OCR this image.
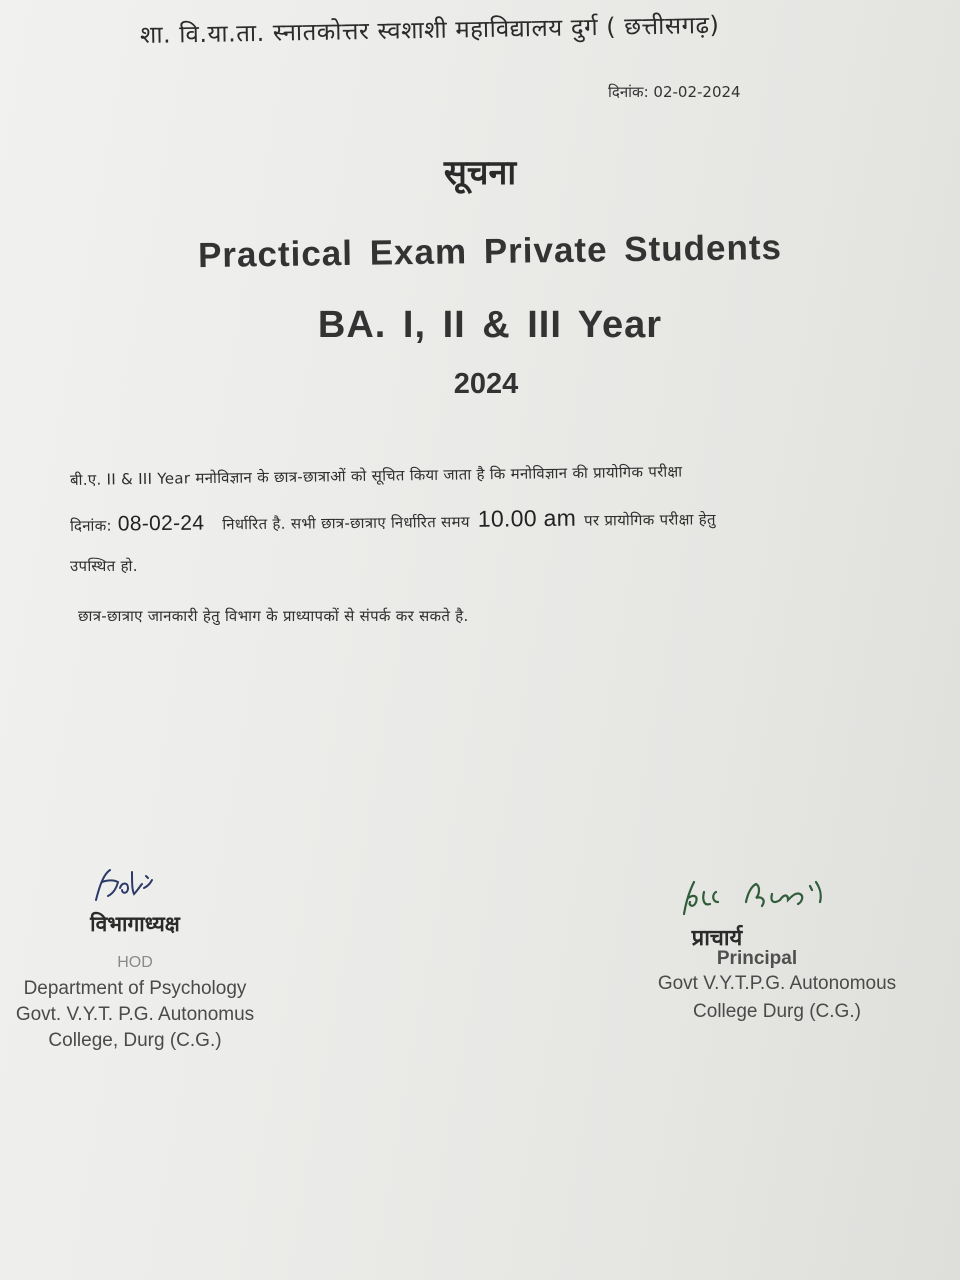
शा. वि.या.ता. स्नातकोत्तर स्वशाशी महाविद्यालय दुर्ग ( छत्तीसगढ़)
दिनांक: 02-02-2024
सूचना
Practical Exam Private Students
BA. I, II & III Year
2024
बी.ए. II & III Year मनोविज्ञान के छात्र-छात्राओं को सूचित किया जाता है कि मनोविज्ञान की प्रायोगिक परीक्षा
दिनांक: 08-02-24 निर्धारित है. सभी छात्र-छात्राए निर्धारित समय 10.00 am पर प्रायोगिक परीक्षा हेतु
उपस्थित हो.
छात्र-छात्राए जानकारी हेतु विभाग के प्राध्यापकों से संपर्क कर सकते है.
विभागाध्यक्ष
HOD
Department of Psychology
Govt. V.Y.T. P.G. Autonomus
College, Durg (C.G.)
प्राचार्य
Principal
Govt V.Y.T.P.G. Autonomous
College Durg (C.G.)
